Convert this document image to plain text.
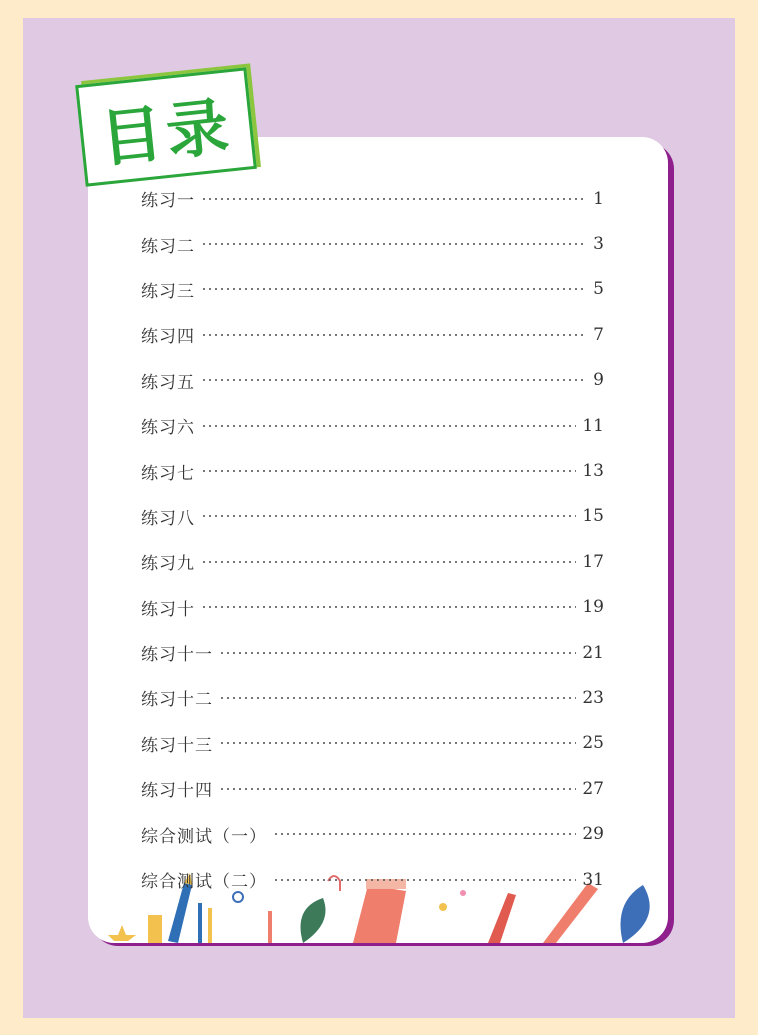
目录
练习一	1
练习二	3
练习三	5
练习四	7
练习五	9
练习六	11
练习七	13
练习八	15
练习九	17
练习十	19
练习十一	21
练习十二	23
练习十三	25
练习十四	27
综合测试（一）	29
综合测试（二）	31
